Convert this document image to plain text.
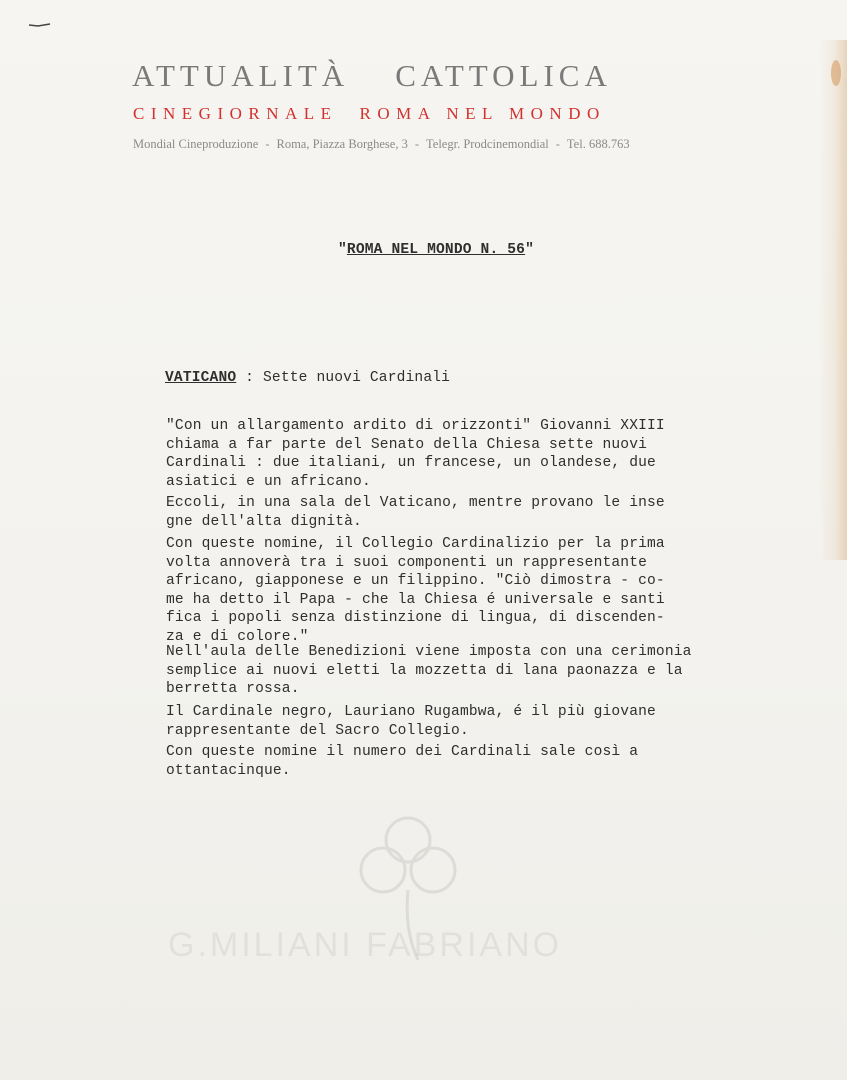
ATTUALITÀ CATTOLICA
CINEGIORNALE ROMA NEL MONDO
Mondial Cineproduzione - Roma, Piazza Borghese, 3 - Telegr. Prodcinemondial - Tel. 688.763
"ROMA NEL MONDO N. 56"
VATICANO : Sette nuovi Cardinali
"Con un allargamento ardito di orizzonti" Giovanni XXIII
chiama a far parte del Senato della Chiesa sette nuovi
Cardinali : due italiani, un francese, un olandese, due
asiatici e un africano.
Eccoli, in una sala del Vaticano, mentre provano le inse
gne dell'alta dignità.
Con queste nomine, il Collegio Cardinalizio per la prima
volta annoverà tra i suoi componenti un rappresentante
africano, giapponese e un filippino. "Ciò dimostra - co-
me ha detto il Papa - che la Chiesa é universale e santi
fica i popoli senza distinzione di lingua, di discenden-
za e di colore."
Nell'aula delle Benedizioni viene imposta con una cerimonia
semplice ai nuovi eletti la mozzetta di lana paonazza e la
berretta rossa.
Il Cardinale negro, Lauriano Rugambwa, é il più giovane
rappresentante del Sacro Collegio.
Con queste nomine il numero dei Cardinali sale così a
ottantacinque.
G.MILIANI FABRIANO
